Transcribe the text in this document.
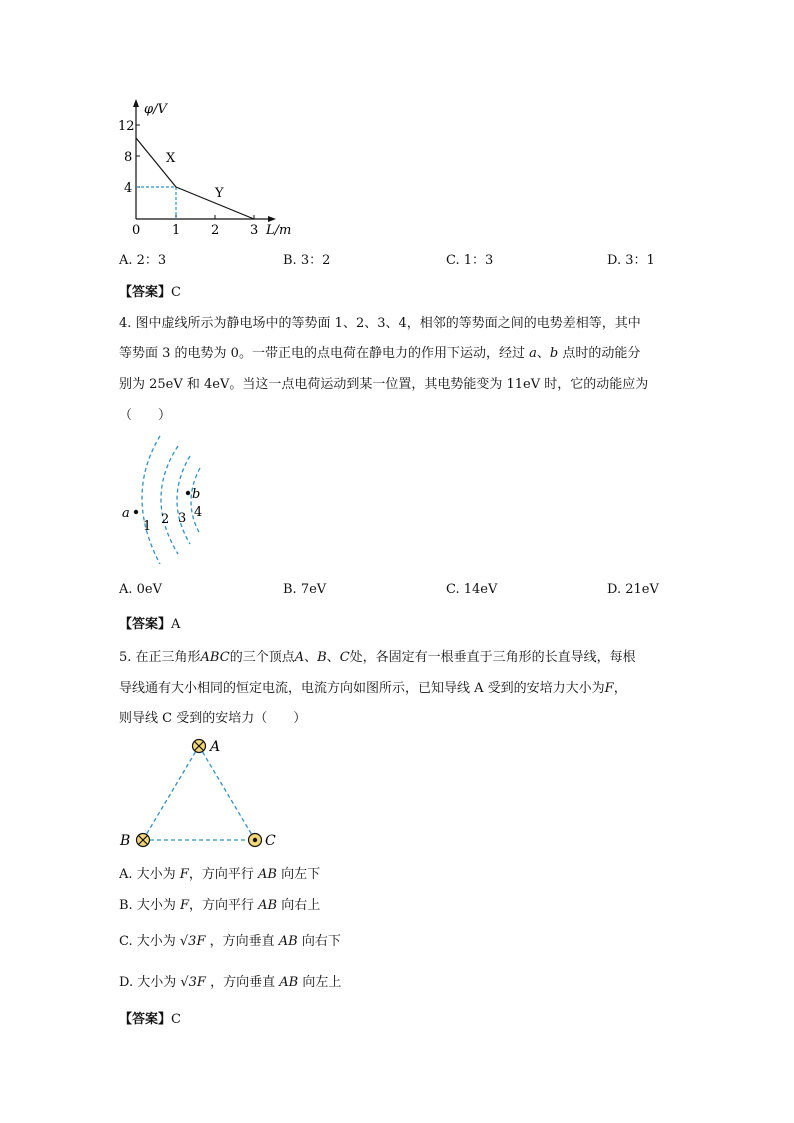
φ/V
L/m
12
8
4
0 1 2 3
X
Y
A. 2：3	B. 3：2	C. 1：3	D. 3：1
【答案】C
4. 图中虚线所示为静电场中的等势面 1、2、3、4，相邻的等势面之间的电势差相等，其中
等势面 3 的电势为 0。一带正电的点电荷在静电力的作用下运动，经过 a、b 点时的动能分
别为 25eV 和 4eV。当这一点电荷运动到某一位置，其电势能变为 11eV 时，它的动能应为
（　　）
a
b
1 2 3 4
A. 0eV	B. 7eV	C. 14eV	D. 21eV
【答案】A
5. 在正三角形ABC的三个顶点A、B、C处，各固定有一根垂直于三角形的长直导线，每根
导线通有大小相同的恒定电流，电流方向如图所示，已知导线 A 受到的安培力大小为F，
则导线 C 受到的安培力（　　）
A
B	C
A. 大小为 F，方向平行 AB 向左下
B. 大小为 F，方向平行 AB 向右上
C. 大小为 √3F ，方向垂直 AB 向右下
D. 大小为 √3F ，方向垂直 AB 向左上
【答案】C
